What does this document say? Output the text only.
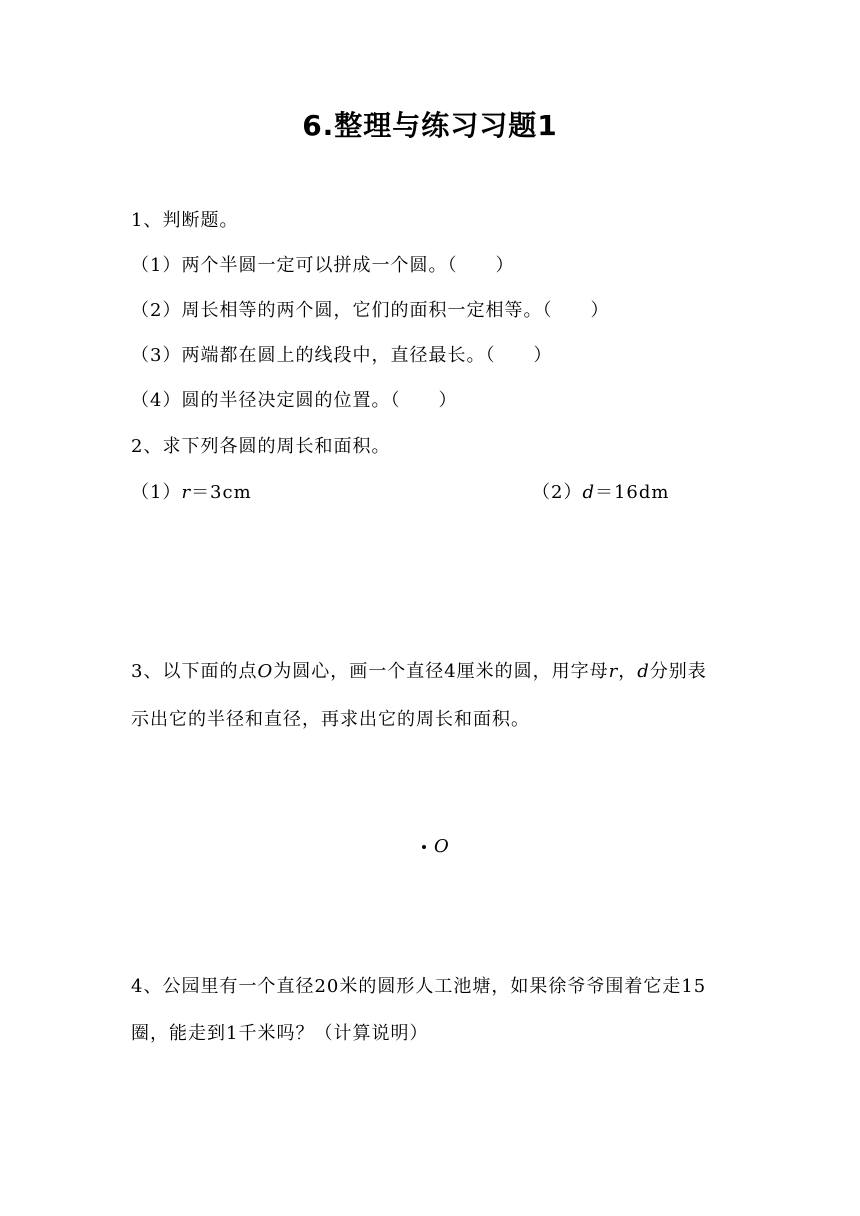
6.整理与练习习题1
1、判断题。
（1）两个半圆一定可以拼成一个圆。（　　）
（2）周长相等的两个圆，它们的面积一定相等。（　　）
（3）两端都在圆上的线段中，直径最长。（　　）
（4）圆的半径决定圆的位置。（　　）
2、求下列各圆的周长和面积。
（1）r＝3cm	（2）d＝16dm
3、以下面的点O为圆心，画一个直径4厘米的圆，用字母r，d分别表
示出它的半径和直径，再求出它的周长和面积。
O
4、公园里有一个直径20米的圆形人工池塘，如果徐爷爷围着它走15
圈，能走到1千米吗？（计算说明）
